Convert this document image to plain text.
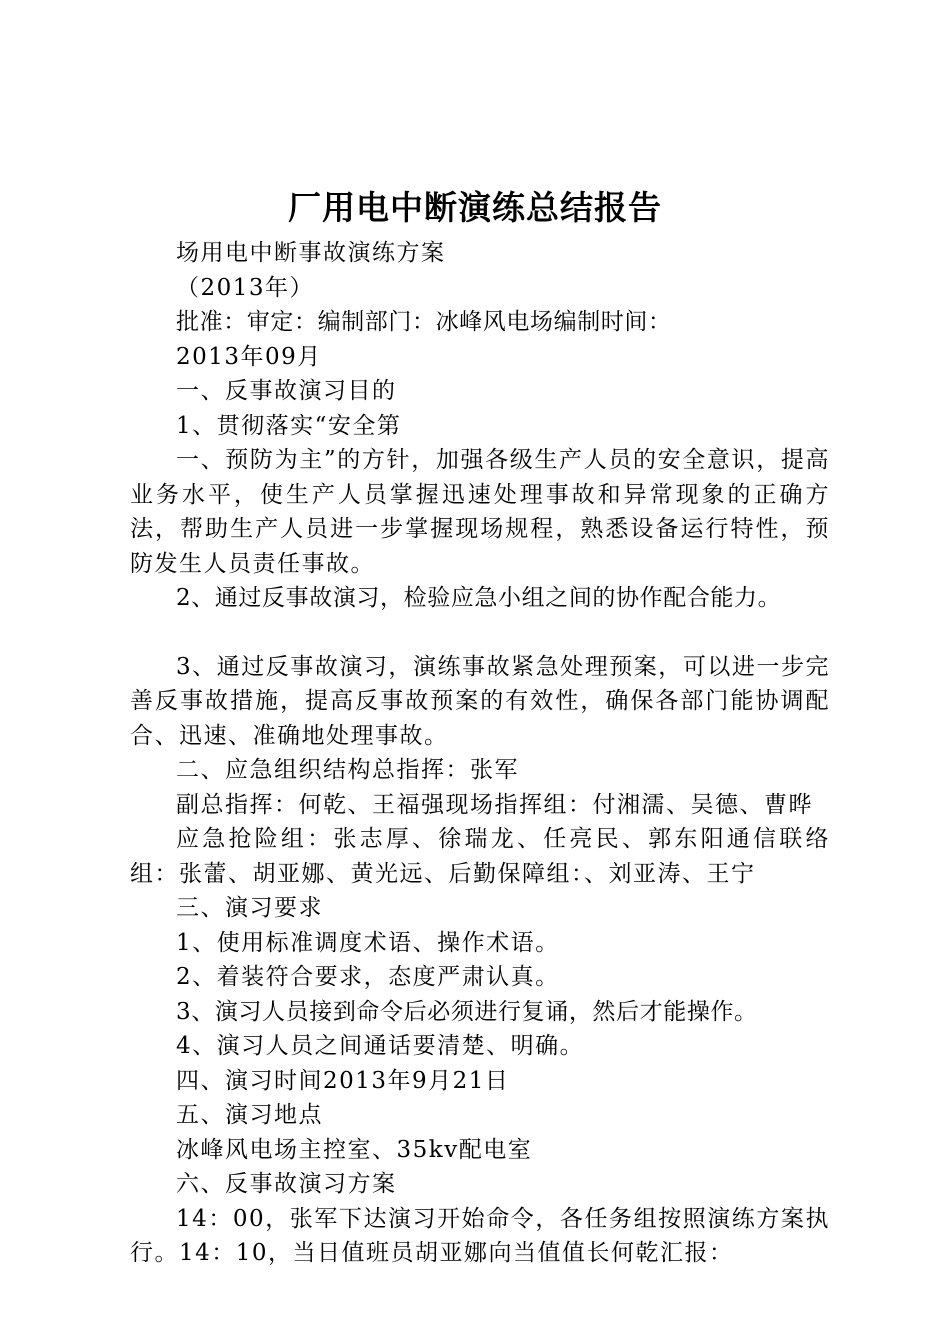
厂用电中断演练总结报告

场用电中断事故演练方案

（2013年）

批准：审定：编制部门：冰峰风电场编制时间：

2013年09月

一、反事故演习目的

1、贯彻落实“安全第

一、预防为主”的方针，加强各级生产人员的安全意识，提高业务水平，使生产人员掌握迅速处理事故和异常现象的正确方法，帮助生产人员进一步掌握现场规程，熟悉设备运行特性，预防发生人员责任事故。

2、通过反事故演习，检验应急小组之间的协作配合能力。

3、通过反事故演习，演练事故紧急处理预案，可以进一步完善反事故措施，提高反事故预案的有效性，确保各部门能协调配合、迅速、准确地处理事故。

二、应急组织结构总指挥：张军

副总指挥：何乾、王福强现场指挥组：付湘濡、吴德、曹晔

应急抢险组：张志厚、徐瑞龙、任亮民、郭东阳通信联络组：张蕾、胡亚娜、黄光远、后勤保障组：、刘亚涛、王宁

三、演习要求

1、使用标准调度术语、操作术语。

2、着装符合要求，态度严肃认真。

3、演习人员接到命令后必须进行复诵，然后才能操作。

4、演习人员之间通话要清楚、明确。

四、演习时间2013年9月21日

五、演习地点

冰峰风电场主控室、35kv配电室

六、反事故演习方案

14：00，张军下达演习开始命令，各任务组按照演练方案执行。14：10，当日值班员胡亚娜向当值值长何乾汇报：
